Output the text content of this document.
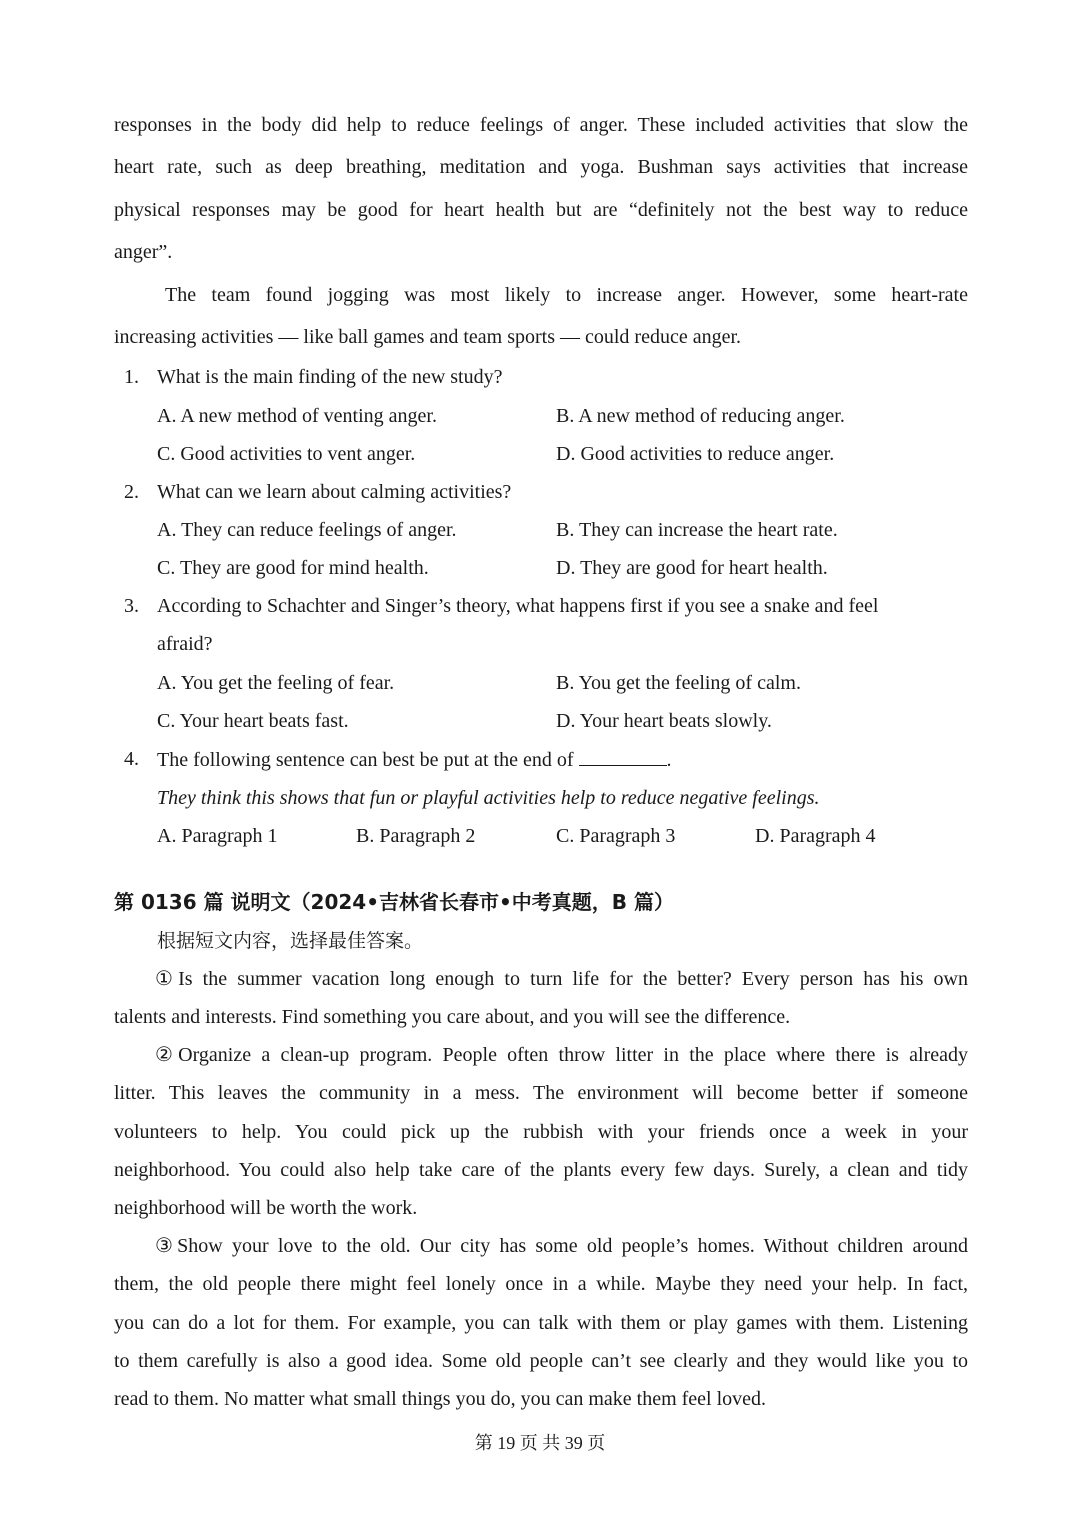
responses in the body did help to reduce feelings of anger. These included activities that slow the
heart rate, such as deep breathing, meditation and yoga. Bushman says activities that increase
physical responses may be good for heart health but are “definitely not the best way to reduce
anger”.
The team found jogging was most likely to increase anger. However, some heart-rate
increasing activities — like ball games and team sports — could reduce anger.
1. What is the main finding of the new study?
A. A new method of venting anger.	B. A new method of reducing anger.
C. Good activities to vent anger.	D. Good activities to reduce anger.
2. What can we learn about calming activities?
A. They can reduce feelings of anger.	B. They can increase the heart rate.
C. They are good for mind health.	D. They are good for heart health.
3. According to Schachter and Singer’s theory, what happens first if you see a snake and feel
afraid?
A. You get the feeling of fear.	B. You get the feeling of calm.
C. Your heart beats fast.	D. Your heart beats slowly.
4. The following sentence can best be put at the end of	.
They think this shows that fun or playful activities help to reduce negative feelings.
A. Paragraph 1	B. Paragraph 2	C. Paragraph 3	D. Paragraph 4
第 0136 篇 说明文（2024•吉林省长春市•中考真题，B 篇）
根据短文内容，选择最佳答案。
①Is the summer vacation long enough to turn life for the better? Every person has his own
talents and interests. Find something you care about, and you will see the difference.
②Organize a clean-up program. People often throw litter in the place where there is already
litter. This leaves the community in a mess. The environment will become better if someone
volunteers to help. You could pick up the rubbish with your friends once a week in your
neighborhood. You could also help take care of the plants every few days. Surely, a clean and tidy
neighborhood will be worth the work.
③Show your love to the old. Our city has some old people’s homes. Without children around
them, the old people there might feel lonely once in a while. Maybe they need your help. In fact,
you can do a lot for them. For example, you can talk with them or play games with them. Listening
to them carefully is also a good idea. Some old people can’t see clearly and they would like you to
read to them. No matter what small things you do, you can make them feel loved.
第 19 页 共 39 页
